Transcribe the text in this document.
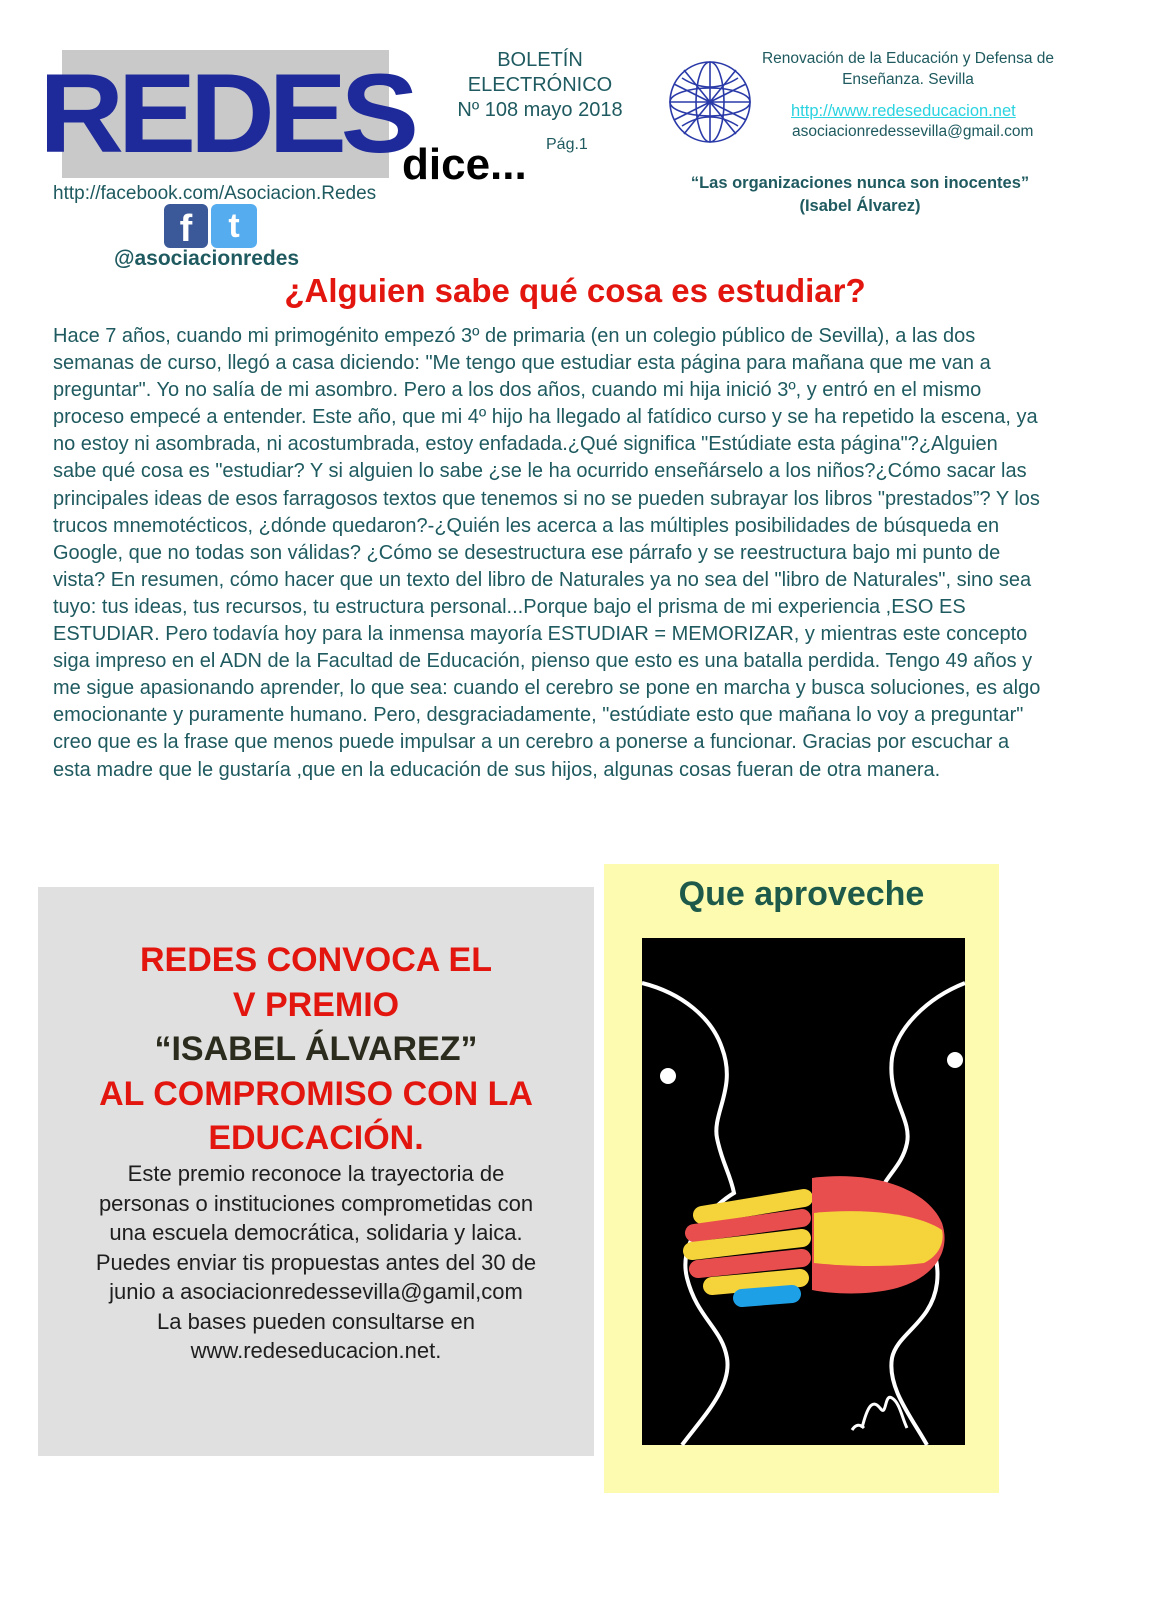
REDES
dice...
http://facebook.com/Asociacion.Redes
f	t
@asociacionredes
BOLETÍN
ELECTRÓNICO
Nº 108 mayo 2018
Pág.1
Renovación de la Educación y Defensa de
Enseñanza. Sevilla
http://www.redeseducacion.net
asociacionredessevilla@gmail.com
“Las organizaciones nunca son inocentes”
(Isabel Álvarez)
¿Alguien sabe qué cosa es estudiar?

Hace 7 años, cuando mi primogénito empezó 3º de primaria (en un colegio público de Sevilla), a las dos semanas de curso, llegó a casa diciendo: "Me tengo que estudiar esta página para mañana que me van a preguntar". Yo no salía de mi asombro. Pero a los dos años, cuando mi hija inició 3º, y entró en el mismo proceso empecé a entender. Este año, que mi 4º hijo ha llegado al fatídico curso y se ha repetido la escena, ya no estoy ni asombrada, ni acostumbrada, estoy enfadada.¿Qué significa "Estúdiate esta página"?¿Alguien sabe qué cosa es "estudiar? Y si alguien lo sabe ¿se le ha ocurrido enseñárselo a los niños?¿Cómo sacar las principales ideas de esos farragosos textos que tenemos si no se pueden subrayar los libros "prestados”? Y los trucos mnemotécticos, ¿dónde quedaron?-¿Quién les acerca a las múltiples posibilidades de búsqueda en Google, que no todas son válidas? ¿Cómo se desestructura ese párrafo y se reestructura bajo mi punto de vista? En resumen, cómo hacer que un texto del libro de Naturales ya no sea del "libro de Naturales", sino sea tuyo: tus ideas, tus recursos, tu estructura personal...Porque bajo el prisma de mi experiencia ,ESO ES ESTUDIAR. Pero todavía hoy para la inmensa mayoría ESTUDIAR = MEMORIZAR, y mientras este concepto siga impreso en el ADN de la Facultad de Educación, pienso que esto es una batalla perdida. Tengo 49 años y me sigue apasionando aprender, lo que sea: cuando el cerebro se pone en marcha y busca soluciones, es algo emocionante y puramente humano. Pero, desgraciadamente, "estúdiate esto que mañana lo voy a preguntar" creo que es la frase que menos puede impulsar a un cerebro a ponerse a funcionar. Gracias por escuchar a esta madre que le gustaría ,que en la educación de sus hijos, algunas cosas fueran de otra manera.

REDES CONVOCA EL
V PREMIO
“ISABEL ÁLVAREZ”
AL COMPROMISO CON LA
EDUCACIÓN.
Este premio reconoce la trayectoria de
personas o instituciones comprometidas con
una escuela democrática, solidaria y laica.
Puedes enviar tis propuestas antes del 30 de
junio a asociacionredessevilla@gamil,com
La bases pueden consultarse en
www.redeseducacion.net.
Que aproveche
